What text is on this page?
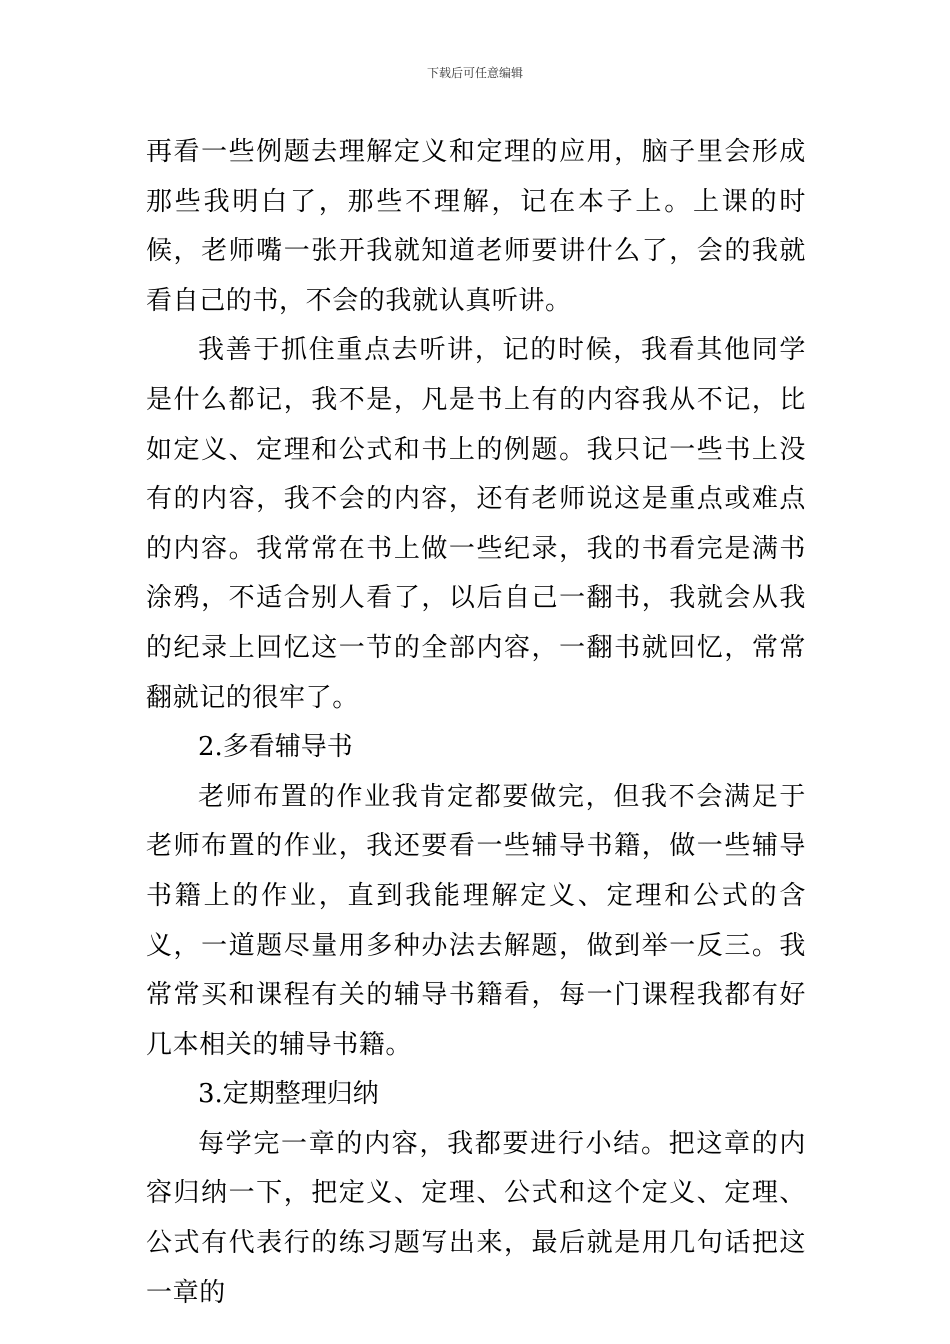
下载后可任意编辑

再看一些例题去理解定义和定理的应用，脑子里会形成那些我明白了，那些不理解，记在本子上。上课的时候，老师嘴一张开我就知道老师要讲什么了，会的我就看自己的书，不会的我就认真听讲。

我善于抓住重点去听讲，记的时候，我看其他同学是什么都记，我不是，凡是书上有的内容我从不记，比如定义、定理和公式和书上的例题。我只记一些书上没有的内容，我不会的内容，还有老师说这是重点或难点的内容。我常常在书上做一些纪录，我的书看完是满书涂鸦，不适合别人看了，以后自己一翻书，我就会从我的纪录上回忆这一节的全部内容，一翻书就回忆，常常翻就记的很牢了。

2.多看辅导书

老师布置的作业我肯定都要做完，但我不会满足于老师布置的作业，我还要看一些辅导书籍，做一些辅导书籍上的作业，直到我能理解定义、定理和公式的含义，一道题尽量用多种办法去解题，做到举一反三。我常常买和课程有关的辅导书籍看，每一门课程我都有好几本相关的辅导书籍。

3.定期整理归纳

每学完一章的内容，我都要进行小结。把这章的内容归纳一下，把定义、定理、公式和这个定义、定理、公式有代表行的练习题写出来，最后就是用几句话把这一章的
